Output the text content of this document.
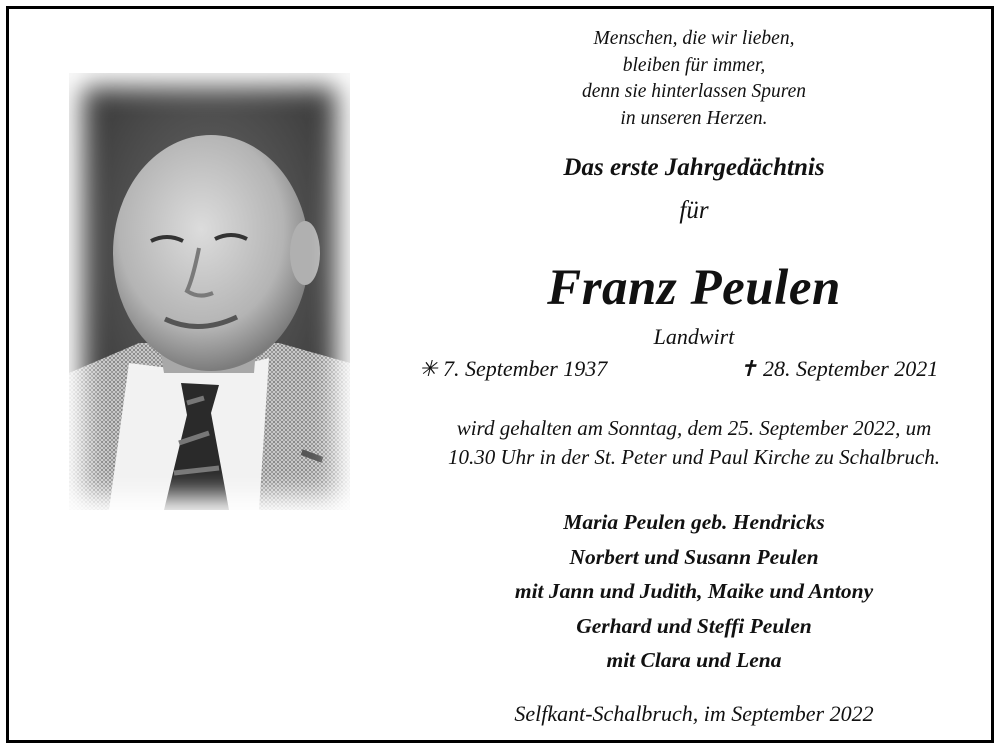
Menschen, die wir lieben,
bleiben für immer,
denn sie hinterlassen Spuren
in unseren Herzen.
Das erste Jahrgedächtnis
für
Franz Peulen
Landwirt
✳ 7. September 1937	✝ 28. September 2021
wird gehalten am Sonntag, dem 25. September 2022, um
10.30 Uhr in der St. Peter und Paul Kirche zu Schalbruch.
Maria Peulen geb. Hendricks
Norbert und Susann Peulen
mit Jann und Judith, Maike und Antony
Gerhard und Steffi Peulen
mit Clara und Lena
Selfkant-Schalbruch, im September 2022
